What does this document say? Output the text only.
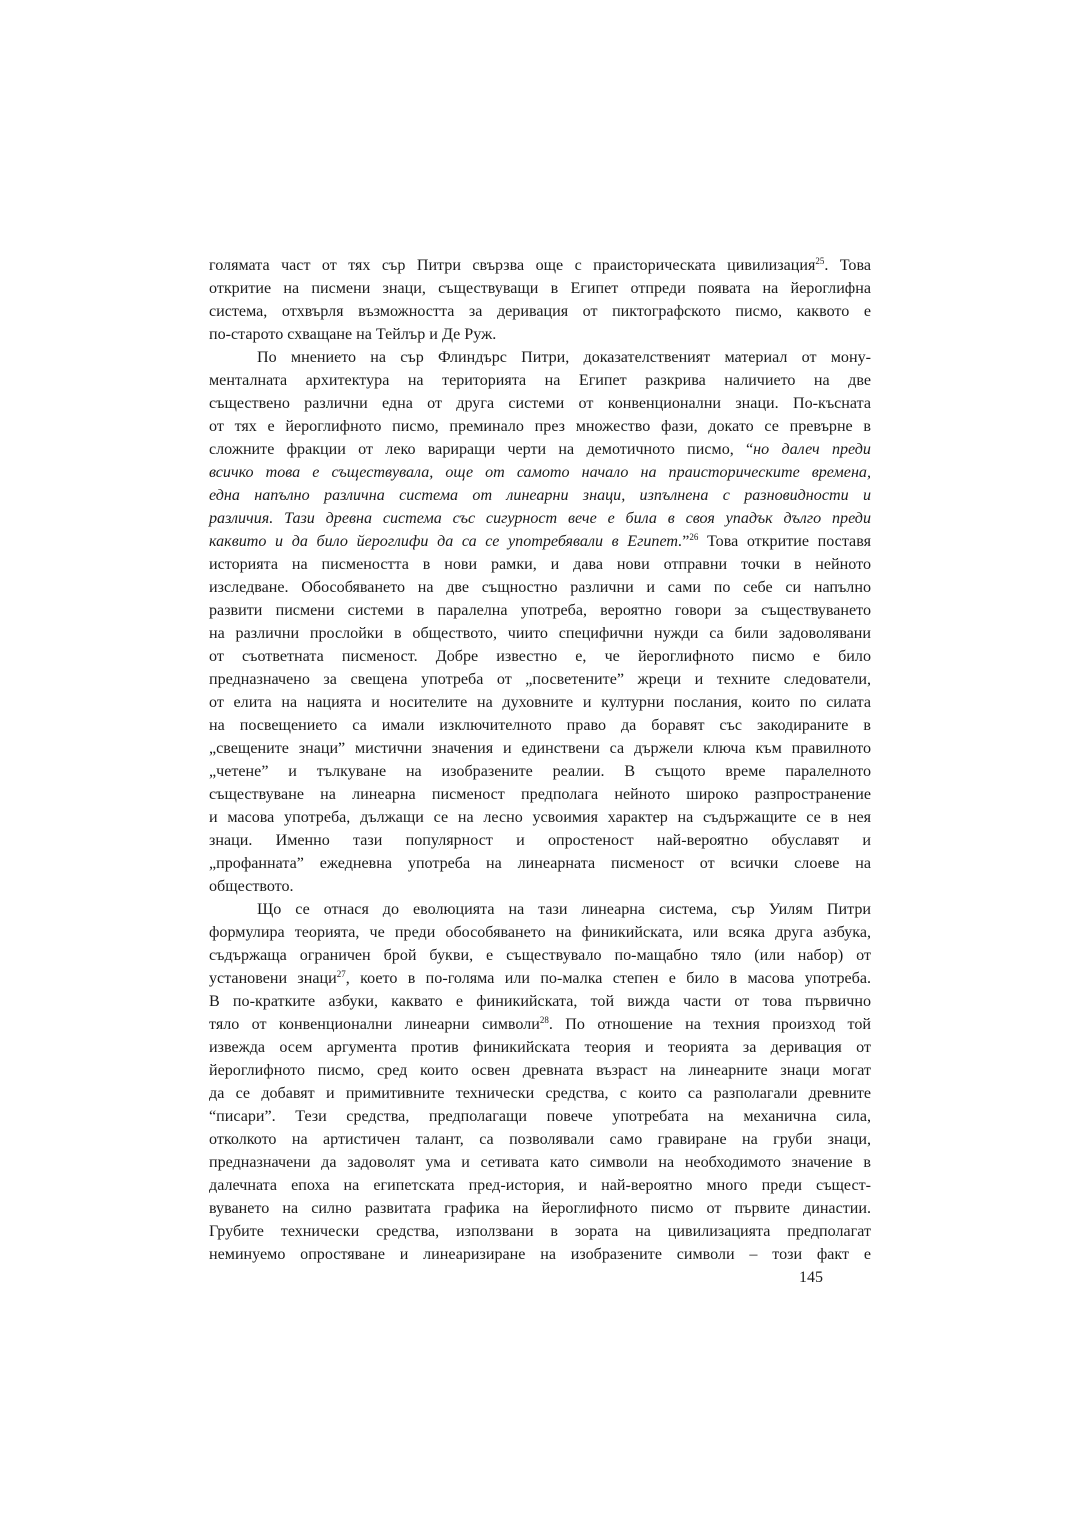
голямата част от тях сър Питри свързва още с праисторическата цивилизация$^{25}$. Това
откритие на писмени знаци, съществуващи в Египет отпреди появата на йероглифна
система, отхвърля възможността за деривация от пиктографското писмо, каквото е
по-старото схващане на Тейлър и Де Руж.

По мнението на сър Флиндърс Питри, доказателственият материал от мону-
менталната архитектура на територията на Египет разкрива наличието на две
съществено различни една от друга системи от конвенционални знаци. По-късната
от тях е йероглифното писмо, преминало през множество фази, докато се превърне в
сложните фракции от леко вариращи черти на демотичното писмо, “но далеч преди
всичко това е съществувала, още от самото начало на праисторическите времена,
една напълно различна система от линеарни знаци, изпълнена с разновидности и
различия. Тази древна система със сигурност вече е била в своя упадък дълго преди
каквито и да било йероглифи да са се употребявали в Египет.”$^{26}$ Това откритие поставя
историята на писмеността в нови рамки, и дава нови отправни точки в нейното
изследване. Обособяването на две същностно различни и сами по себе си напълно
развити писмени системи в паралелна употреба, вероятно говори за съществуването
на различни прослойки в обществото, чиито специфични нужди са били задоволявани
от съответната писменост. Добре известно е, че йероглифното писмо е било
предназначено за свещена употреба от „посветените” жреци и техните следователи,
от елита на нацията и носителите на духовните и културни послания, които по силата
на посвещението са имали изключителното право да боравят със закодираните в
„свещените знаци” мистични значения и единствени са държели ключа към правилното
„четене” и тълкуване на изобразените реалии. В същото време паралелното
съществуване на линеарна писменост предполага нейното широко разпространение
и масова употреба, дължащи се на лесно усвоимия характер на съдържащите се в нея
знаци. Именно тази популярност и опростеност най-вероятно обуславят и
„профанната” ежедневна употреба на линеарната писменост от всички слоеве на
обществото.

Що се отнася до еволюцията на тази линеарна система, сър Уилям Питри
формулира теорията, че преди обособяването на финикийската, или всяка друга азбука,
съдържаща ограничен брой букви, е съществувало по-мащабно тяло (или набор) от
установени знаци$^{27}$, което в по-голяма или по-малка степен е било в масова употреба.
В по-кратките азбуки, каквато е финикийската, той вижда части от това първично
тяло от конвенционални линеарни символи$^{28}$. По отношение на техния произход той
извежда осем аргумента против финикийската теория и теорията за деривация от
йероглифното писмо, сред които освен древната възраст на линеарните знаци могат
да се добавят и примитивните технически средства, с които са разполагали древните
“писари”. Тези средства, предполагащи повече употребата на механична сила,
отколкото на артистичен талант, са позволявали само гравиране на груби знаци,
предназначени да задоволят ума и сетивата като символи на необходимото значение в
далечната епоха на египетската пред-история, и най-вероятно много преди същест-
вуването на силно развитата графика на йероглифното писмо от първите династии.
Грубите технически средства, използвани в зората на цивилизацията предполагат
неминуемо опростяване и линеаризиране на изобразените символи – този факт е

145
